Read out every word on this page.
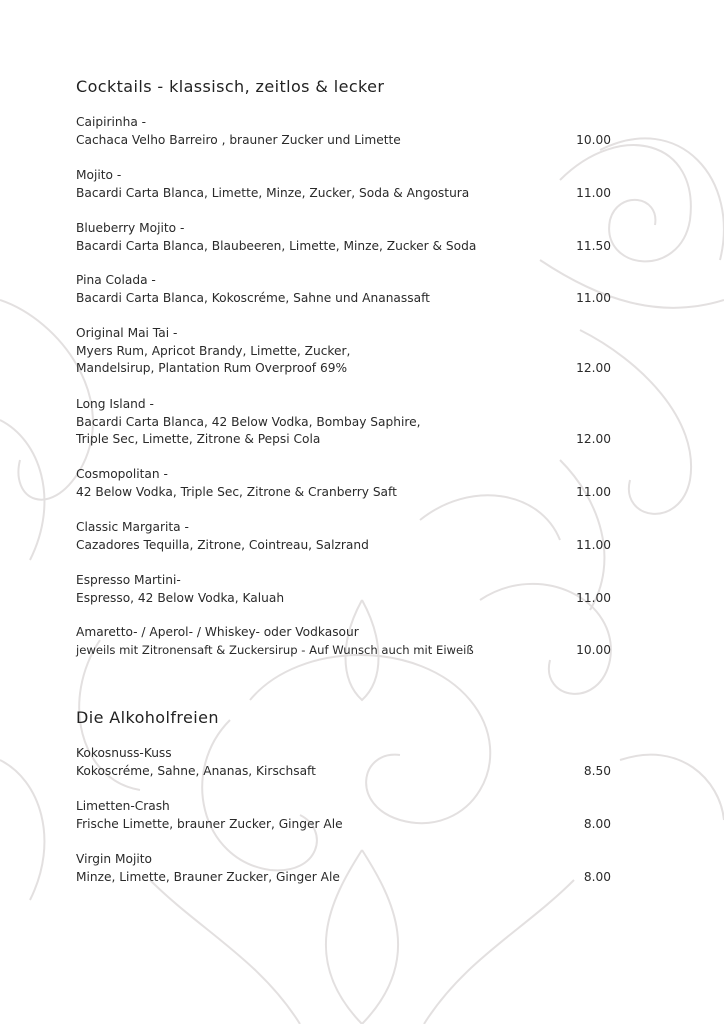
Cocktails - klassisch, zeitlos & lecker
Caipirinha -
Cachaca Velho Barreiro , brauner Zucker und Limette	10.00
Mojito -
Bacardi Carta Blanca, Limette, Minze, Zucker, Soda & Angostura	11.00
Blueberry Mojito -
Bacardi Carta Blanca, Blaubeeren, Limette, Minze, Zucker & Soda	11.50
Pina Colada -
Bacardi Carta Blanca, Kokoscréme, Sahne und Ananassaft	11.00
Original Mai Tai -
Myers Rum, Apricot Brandy, Limette, Zucker,
Mandelsirup, Plantation Rum Overproof 69%	12.00
Long Island -
Bacardi Carta Blanca, 42 Below Vodka, Bombay Saphire,
Triple Sec, Limette, Zitrone & Pepsi Cola	12.00
Cosmopolitan -
42 Below Vodka, Triple Sec, Zitrone & Cranberry Saft	11.00
Classic Margarita -
Cazadores Tequilla, Zitrone, Cointreau, Salzrand	11.00
Espresso Martini-
Espresso, 42 Below Vodka, Kaluah	11.00
Amaretto- / Aperol- / Whiskey- oder Vodkasour
jeweils mit Zitronensaft & Zuckersirup - Auf Wunsch auch mit Eiweiß	10.00
Die Alkoholfreien
Kokosnuss-Kuss
Kokoscréme, Sahne, Ananas, Kirschsaft	8.50
Limetten-Crash
Frische Limette, brauner Zucker, Ginger Ale	8.00
Virgin Mojito
Minze, Limette, Brauner Zucker, Ginger Ale	8.00
